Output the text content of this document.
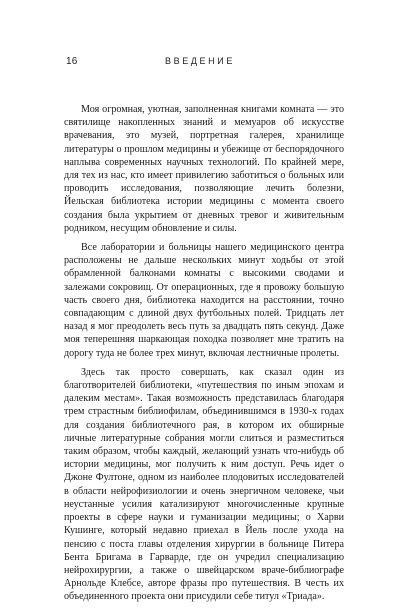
16	ВВЕДЕНИЕ

Моя огромная, уютная, заполненная книгами комната — это святилище накопленных знаний и мемуаров об искусстве врачевания, это музей, портретная галерея, хранилище литературы о прошлом медицины и убежище от беспорядочного наплыва современных научных технологий. По крайней мере, для тех из нас, кто имеет привилегию заботиться о больных или проводить исследования, позволяющие лечить болезни, Йельская библиотека истории медицины с момента своего создания была укрытием от дневных тревог и живительным родником, несущим обновление и силы.

Все лаборатории и больницы нашего медицинского центра расположены не дальше нескольких минут ходьбы от этой обрамленной балконами комнаты с высокими сводами и залежами сокровищ. От операционных, где я провожу большую часть своего дня, библиотека находится на расстоянии, точно совпадающим с длиной двух футбольных полей. Тридцать лет назад я мог преодолеть весь путь за двадцать пять секунд. Даже моя теперешняя шаркающая походка позволяет мне тратить на дорогу туда не более трех минут, включая лестничные пролеты.

Здесь так просто совершать, как сказал один из благотворителей библиотеки, «путешествия по иным эпохам и далеким местам». Такая возможность представилась благодаря трем страстным библиофилам, объединившимся в 1930-х годах для создания библиотечного рая, в котором их обширные личные литературные собрания могли слиться и разместиться таким образом, чтобы каждый, желающий узнать что-нибудь об истории медицины, мог получить к ним доступ. Речь идет о Джоне Фултоне, одном из наиболее плодовитых исследователей в области нейрофизиологии и очень энергичном человеке, чьи неустанные усилия катализируют многочисленные крупные проекты в сфере науки и гуманизации медицины; о Харви Кушинге, который недавно приехал в Йель после ухода на пенсию с поста главы отделения хирургии в больнице Питера Бента Бригама в Гарварде, где он учредил специализацию нейрохирургии, а также о швейцарском враче-библиографе Арнольде Клебсе, авторе фразы про путешествия. В честь их объединенного проекта они присудили себе титул «Триада».
